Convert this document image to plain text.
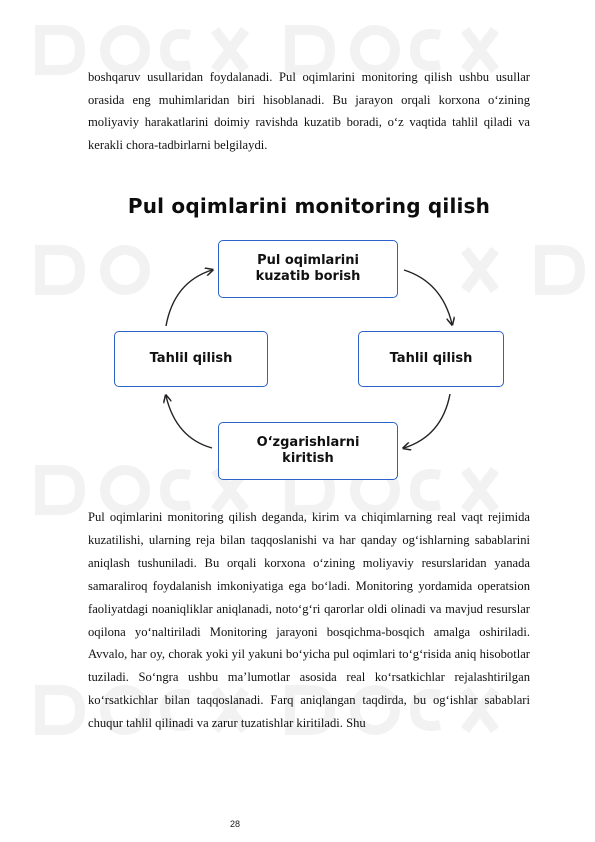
boshqaruv usullaridan foydalanadi. Pul oqimlarini monitoring qilish ushbu usullar orasida eng muhimlaridan biri hisoblanadi. Bu jarayon orqali korxona o‘zining moliyaviy harakatlarini doimiy ravishda kuzatib boradi, o‘z vaqtida tahlil qiladi va kerakli chora-tadbirlarni belgilaydi.

Pul oqimlarini monitoring qilish
Pul oqimlarini
kuzatib borish
Tahlil qilish
O‘zgarishlarni
kiritish
Tahlil qilish

Pul oqimlarini monitoring qilish deganda, kirim va chiqimlarning real vaqt rejimida kuzatilishi, ularning reja bilan taqqoslanishi va har qanday og‘ishlarning sabablarini aniqlash tushuniladi. Bu orqali korxona o‘zining moliyaviy resurslaridan yanada samaraliroq foydalanish imkoniyatiga ega bo‘ladi. Monitoring yordamida operatsion faoliyatdagi noaniqliklar aniqlanadi, noto‘g‘ri qarorlar oldi olinadi va mavjud resurslar oqilona yo‘naltiriladi Monitoring jarayoni bosqichma-bosqich amalga oshiriladi. Avvalo, har oy, chorak yoki yil yakuni bo‘yicha pul oqimlari to‘g‘risida aniq hisobotlar tuziladi. So‘ngra ushbu ma’lumotlar asosida real ko‘rsatkichlar rejalashtirilgan ko‘rsatkichlar bilan taqqoslanadi. Farq aniqlangan taqdirda, bu og‘ishlar sabablari chuqur tahlil qilinadi va zarur tuzatishlar kiritiladi. Shu

28
